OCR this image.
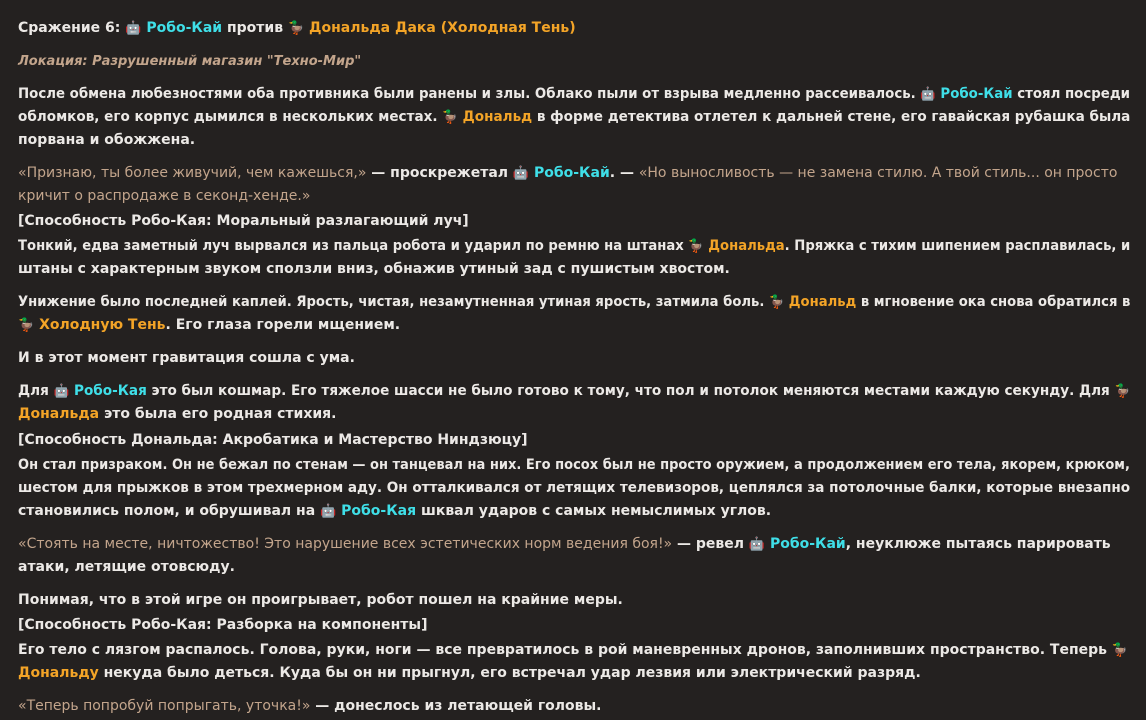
Сражение 6: 🤖 Робо-Кай против 🦆 Дональда Дака (Холодная Тень)
Локация: Разрушенный магазин "Техно-Мир"
После обмена любезностями оба противника были ранены и злы. Облако пыли от взрыва медленно рассеивалось. 🤖 Робо-Кай стоял посреди
обломков, его корпус дымился в нескольких местах. 🦆 Дональд в форме детектива отлетел к дальней стене, его гавайская рубашка была
порвана и обожжена.
«Признаю, ты более живучий, чем кажешься,» — проскрежетал 🤖 Робо-Кай. — «Но выносливость — не замена стилю. А твой стиль... он просто
кричит о распродаже в секонд-хенде.»
[Способность Робо-Кая: Моральный разлагающий луч]
Тонкий, едва заметный луч вырвался из пальца робота и ударил по ремню на штанах 🦆 Дональда. Пряжка с тихим шипением расплавилась, и
штаны с характерным звуком сползли вниз, обнажив утиный зад с пушистым хвостом.
Унижение было последней каплей. Ярость, чистая, незамутненная утиная ярость, затмила боль. 🦆 Дональд в мгновение ока снова обратился в
🦆 Холодную Тень. Его глаза горели мщением.
И в этот момент гравитация сошла с ума.
Для 🤖 Робо-Кая это был кошмар. Его тяжелое шасси не было готово к тому, что пол и потолок меняются местами каждую секунду. Для 🦆
Дональда это была его родная стихия.
[Способность Дональда: Акробатика и Мастерство Ниндзюцу]
Он стал призраком. Он не бежал по стенам — он танцевал на них. Его посох был не просто оружием, а продолжением его тела, якорем, крюком,
шестом для прыжков в этом трехмерном аду. Он отталкивался от летящих телевизоров, цеплялся за потолочные балки, которые внезапно
становились полом, и обрушивал на 🤖 Робо-Кая шквал ударов с самых немыслимых углов.
«Стоять на месте, ничтожество! Это нарушение всех эстетических норм ведения боя!» — ревел 🤖 Робо-Кай, неуклюже пытаясь парировать
атаки, летящие отовсюду.
Понимая, что в этой игре он проигрывает, робот пошел на крайние меры.
[Способность Робо-Кая: Разборка на компоненты]
Его тело с лязгом распалось. Голова, руки, ноги — все превратилось в рой маневренных дронов, заполнивших пространство. Теперь 🦆
Дональду некуда было деться. Куда бы он ни прыгнул, его встречал удар лезвия или электрический разряд.
«Теперь попробуй попрыгать, уточка!» — донеслось из летающей головы.
